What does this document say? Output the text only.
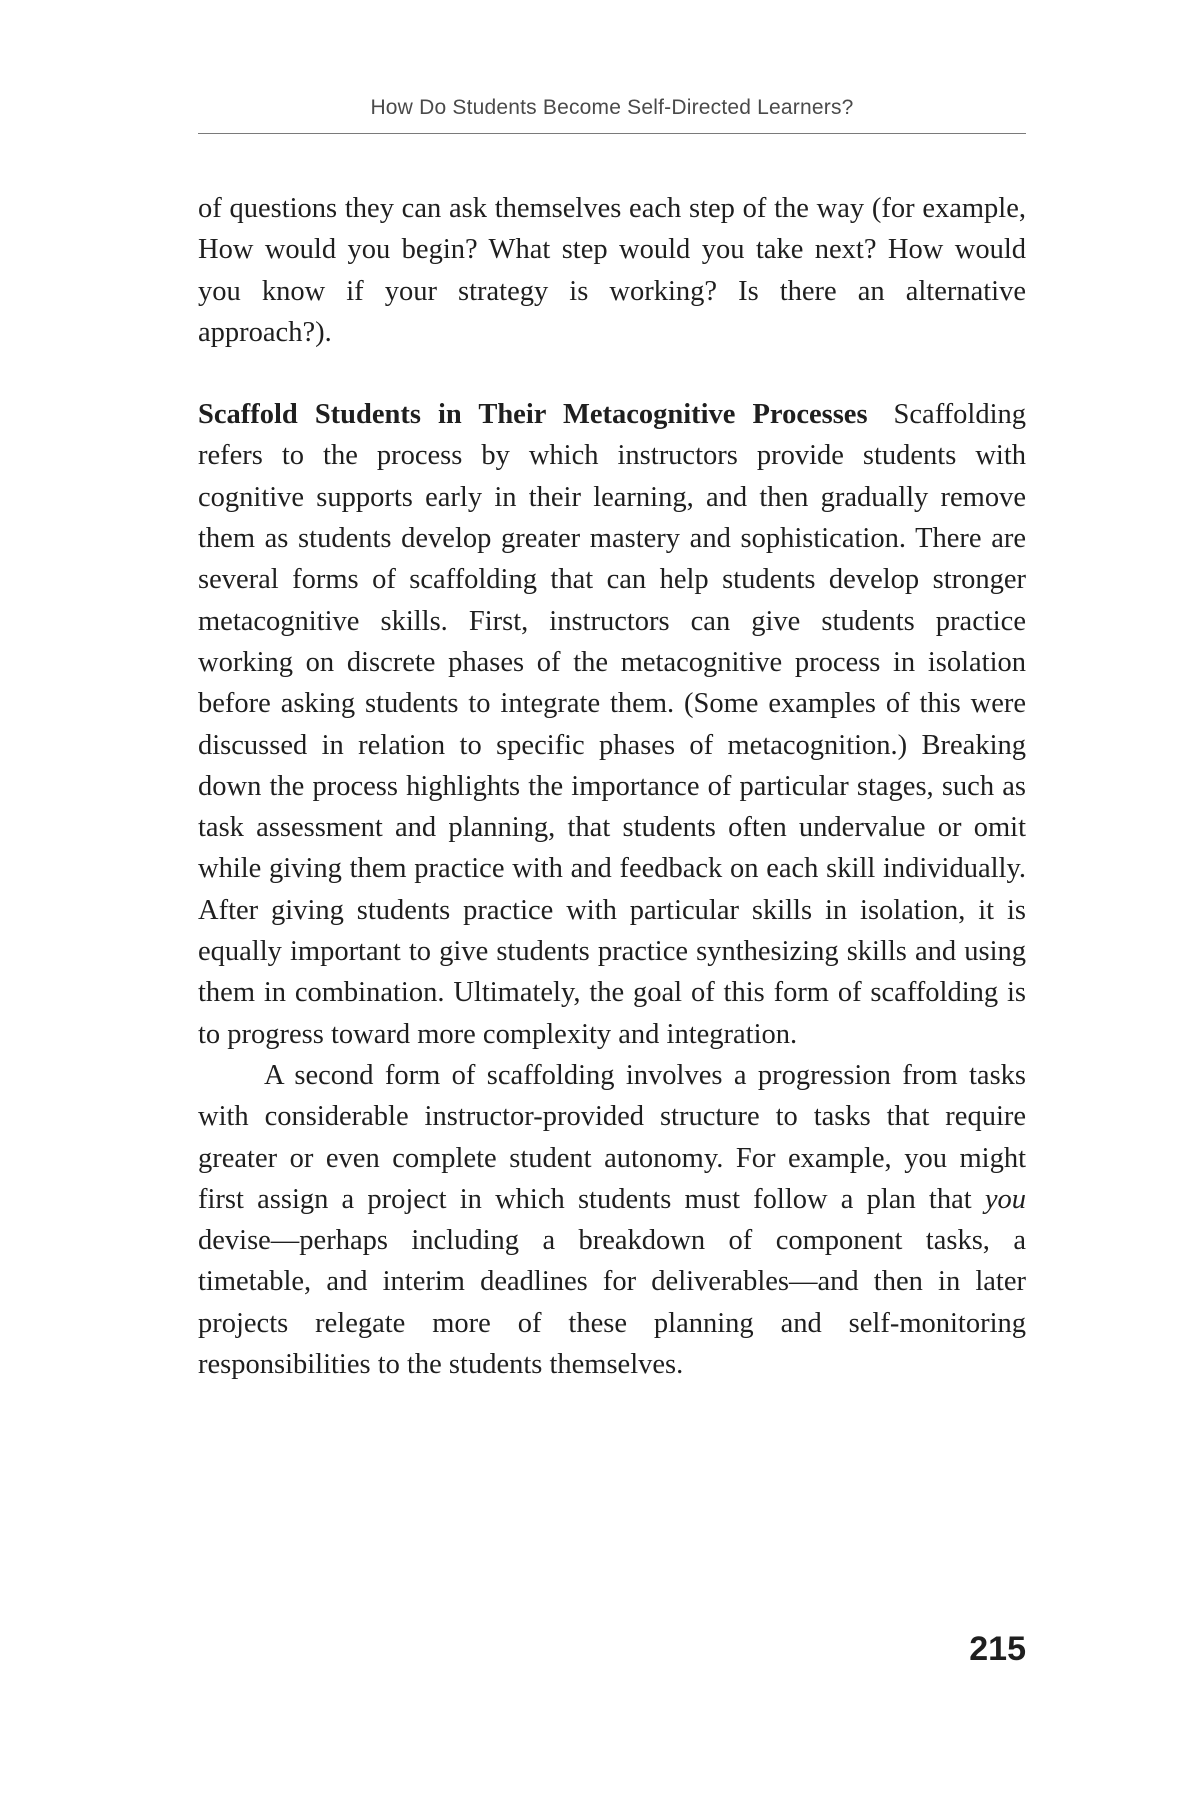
How Do Students Become Self-Directed Learners?

of questions they can ask themselves each step of the way (for example, How would you begin? What step would you take next? How would you know if your strategy is working? Is there an alternative approach?).

Scaffold Students in Their Metacognitive Processes Scaffolding refers to the process by which instructors provide students with cognitive supports early in their learning, and then gradually remove them as students develop greater mastery and sophistication. There are several forms of scaffolding that can help students develop stronger metacognitive skills. First, instructors can give students practice working on discrete phases of the metacognitive process in isolation before asking students to integrate them. (Some examples of this were discussed in relation to specific phases of metacognition.) Breaking down the process highlights the importance of particular stages, such as task assessment and planning, that students often undervalue or omit while giving them practice with and feedback on each skill individually. After giving students practice with particular skills in isolation, it is equally important to give students practice synthesizing skills and using them in combination. Ultimately, the goal of this form of scaffolding is to progress toward more complexity and integration.

A second form of scaffolding involves a progression from tasks with considerable instructor-provided structure to tasks that require greater or even complete student autonomy. For example, you might first assign a project in which students must follow a plan that you devise—perhaps including a breakdown of component tasks, a timetable, and interim deadlines for deliverables—and then in later projects relegate more of these planning and self-monitoring responsibilities to the students themselves.

215
